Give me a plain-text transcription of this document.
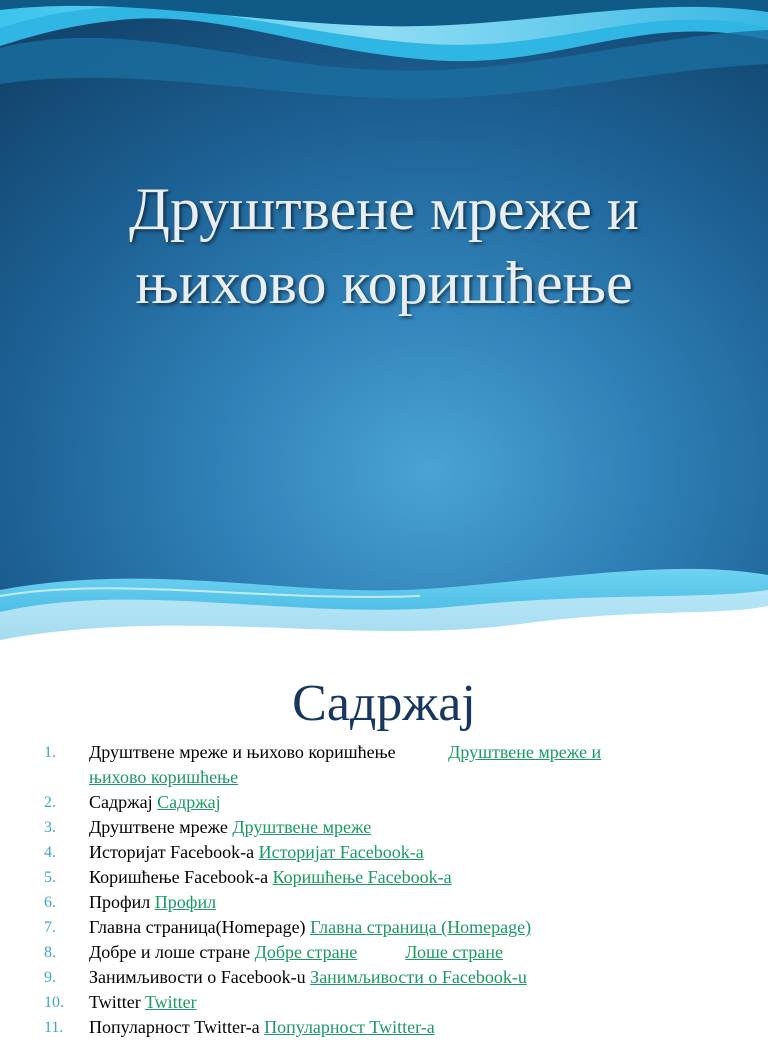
Друштвене мреже и
њихово коришћење
Садржај
1. Друштвене мреже и њихово коришћење	Друштвене мреже и
њихово коришћење
2. Садржај Садржај
3. Друштвене мреже Друштвене мреже
4. Историјат Facebook-a Историјат Facebook-a
5. Коришћење Facebook-a Коришћење Facebook-a
6. Профил Профил
7. Главна страница(Homepage) Главна страница (Homepage)
8. Добре и лоше стране Добре стране	Лоше стране
9. Занимљивости о Facebook-u Занимљивости о Facebook-u
10. Twitter Twitter
11. Популарност Twitter-a Популарност Twitter-a
